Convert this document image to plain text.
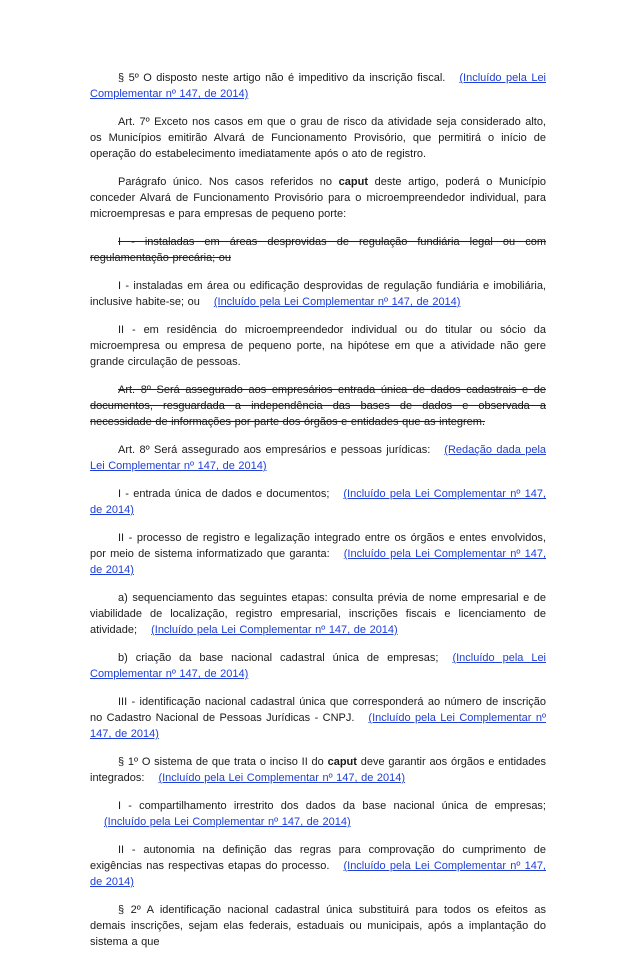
§ 5º O disposto neste artigo não é impeditivo da inscrição fiscal. (Incluído pela Lei Complementar nº 147, de 2014)

Art. 7º Exceto nos casos em que o grau de risco da atividade seja considerado alto, os Municípios emitirão Alvará de Funcionamento Provisório, que permitirá o início de operação do estabelecimento imediatamente após o ato de registro.

Parágrafo único. Nos casos referidos no caput deste artigo, poderá o Município conceder Alvará de Funcionamento Provisório para o microempreendedor individual, para microempresas e para empresas de pequeno porte:

I - instaladas em áreas desprovidas de regulação fundiária legal ou com regulamentação precária; ou

I - instaladas em área ou edificação desprovidas de regulação fundiária e imobiliária, inclusive habite-se; ou (Incluído pela Lei Complementar nº 147, de 2014)

II - em residência do microempreendedor individual ou do titular ou sócio da microempresa ou empresa de pequeno porte, na hipótese em que a atividade não gere grande circulação de pessoas.

Art. 8º Será assegurado aos empresários entrada única de dados cadastrais e de documentos, resguardada a independência das bases de dados e observada a necessidade de informações por parte dos órgãos e entidades que as integrem.

Art. 8º Será assegurado aos empresários e pessoas jurídicas: (Redação dada pela Lei Complementar nº 147, de 2014)

I - entrada única de dados e documentos; (Incluído pela Lei Complementar nº 147, de 2014)

II - processo de registro e legalização integrado entre os órgãos e entes envolvidos, por meio de sistema informatizado que garanta: (Incluído pela Lei Complementar nº 147, de 2014)

a) sequenciamento das seguintes etapas: consulta prévia de nome empresarial e de viabilidade de localização, registro empresarial, inscrições fiscais e licenciamento de atividade; (Incluído pela Lei Complementar nº 147, de 2014)

b) criação da base nacional cadastral única de empresas; (Incluído pela Lei Complementar nº 147, de 2014)

III - identificação nacional cadastral única que corresponderá ao número de inscrição no Cadastro Nacional de Pessoas Jurídicas - CNPJ. (Incluído pela Lei Complementar nº 147, de 2014)

§ 1º O sistema de que trata o inciso II do caput deve garantir aos órgãos e entidades integrados: (Incluído pela Lei Complementar nº 147, de 2014)

I - compartilhamento irrestrito dos dados da base nacional única de empresas;(Incluído pela Lei Complementar nº 147, de 2014)

II - autonomia na definição das regras para comprovação do cumprimento de exigências nas respectivas etapas do processo. (Incluído pela Lei Complementar nº 147, de 2014)

§ 2º A identificação nacional cadastral única substituirá para todos os efeitos as demais inscrições, sejam elas federais, estaduais ou municipais, após a implantação do sistema a que
